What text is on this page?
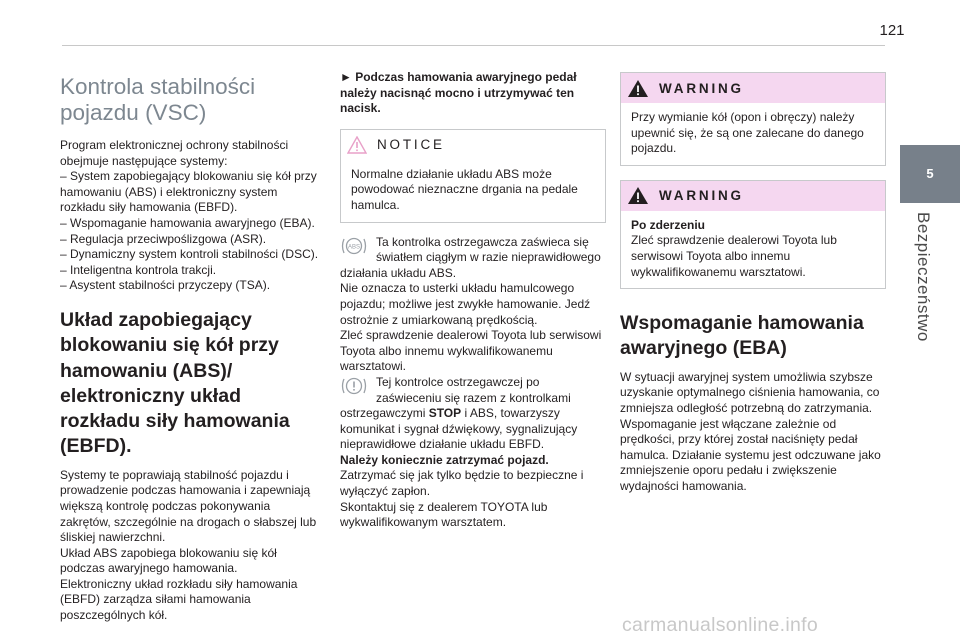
121
5
Bezpieczeństwo
Kontrola stabilności pojazdu (VSC)

Program elektronicznej ochrony stabilności obejmuje następujące systemy:

– System zapobiegający blokowaniu się kół przy hamowaniu (ABS) i elektroniczny system rozkładu siły hamowania (EBFD).

– Wspomaganie hamowania awaryjnego (EBA).

– Regulacja przeciwpoślizgowa (ASR).

– Dynamiczny system kontroli stabilności (DSC).

– Inteligentna kontrola trakcji.

– Asystent stabilności przyczepy (TSA).

Układ zapobiegający blokowaniu się kół przy hamowaniu (ABS)/ elektroniczny układ rozkładu siły hamowania (EBFD).

Systemy te poprawiają stabilność pojazdu i prowadzenie podczas hamowania i zapewniają większą kontrolę podczas pokonywania zakrętów, szczególnie na drogach o słabszej lub śliskiej nawierzchni.

Układ ABS zapobiega blokowaniu się kół podczas awaryjnego hamowania.

Elektroniczny układ rozkładu siły hamowania (EBFD) zarządza siłami hamowania poszczególnych kół.

► Podczas hamowania awaryjnego pedał należy nacisnąć mocno i utrzymywać ten nacisk.

NOTICE

Normalne działanie układu ABS może powodować nieznaczne drgania na pedale hamulca.

ABS	Ta kontrolka ostrzegawcza zaświeca się światłem ciągłym w razie nieprawidłowego działania układu ABS.

Nie oznacza to usterki układu hamulcowego pojazdu; możliwe jest zwykłe hamowanie. Jedź ostrożnie z umiarkowaną prędkością.

Zleć sprawdzenie dealerowi Toyota lub serwisowi Toyota albo innemu wykwalifikowanemu warsztatowi.

Tej kontrolce ostrzegawczej po zaświeceniu się razem z kontrolkami ostrzegawczymi STOP i ABS, towarzyszy komunikat i sygnał dźwiękowy, sygnalizujący nieprawidłowe działanie układu EBFD.

Należy koniecznie zatrzymać pojazd.

Zatrzymać się jak tylko będzie to bezpieczne i wyłączyć zapłon.

Skontaktuj się z dealerem TOYOTA lub wykwalifikowanym warsztatem.

WARNING

Przy wymianie kół (opon i obręczy) należy upewnić się, że są one zalecane do danego pojazdu.

WARNING

Po zderzeniu

Zleć sprawdzenie dealerowi Toyota lub serwisowi Toyota albo innemu wykwalifikowanemu warsztatowi.

Wspomaganie hamowania awaryjnego (EBA)

W sytuacji awaryjnej system umożliwia szybsze uzyskanie optymalnego ciśnienia hamowania, co zmniejsza odległość potrzebną do zatrzymania. Wspomaganie jest włączane zależnie od prędkości, przy której został naciśnięty pedał hamulca. Działanie systemu jest odczuwane jako zmniejszenie oporu pedału i zwiększenie wydajności hamowania.

carmanualsonline.info
